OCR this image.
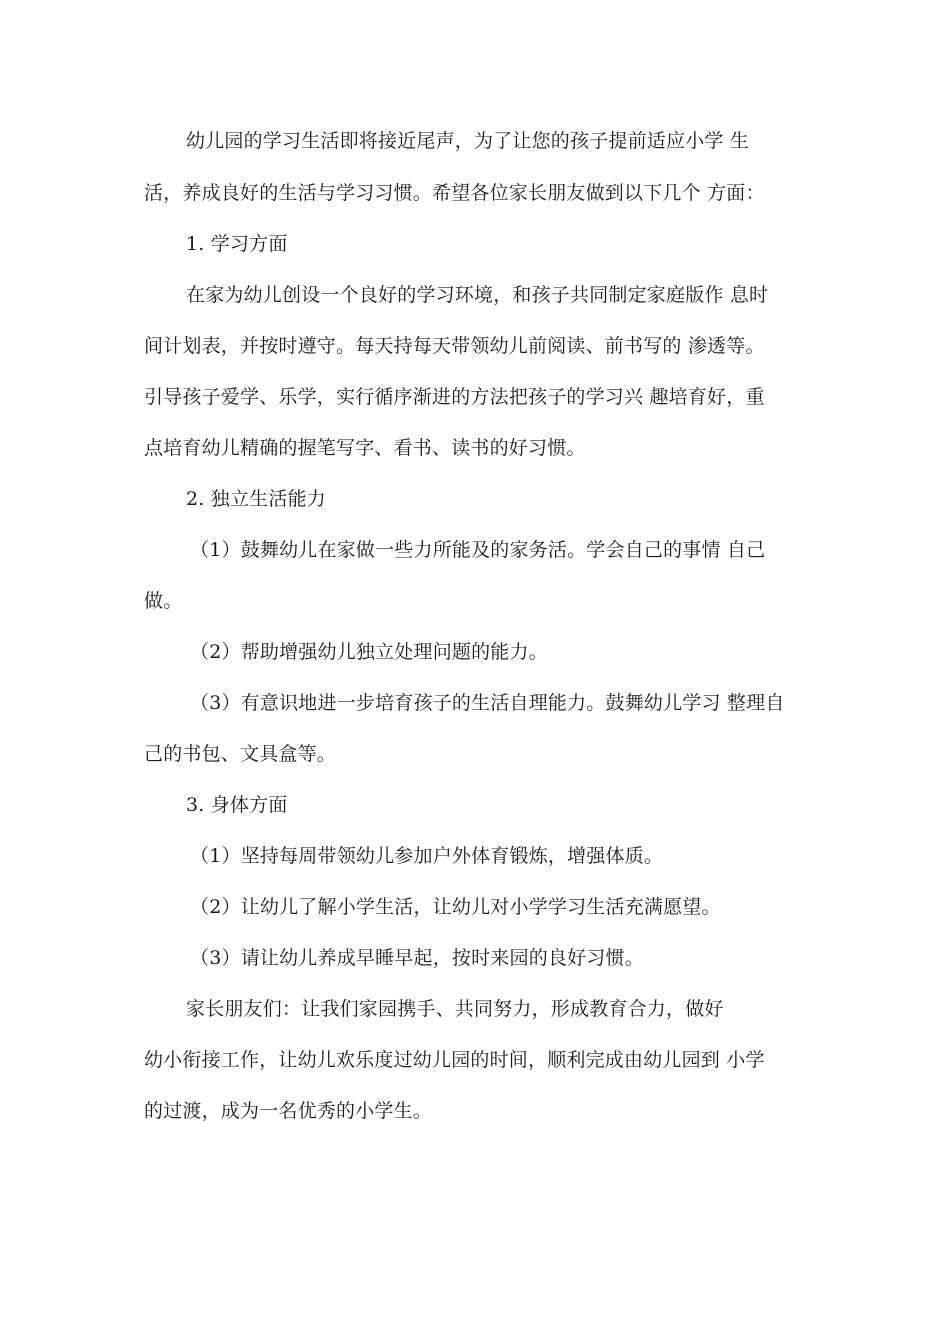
幼儿园的学习生活即将接近尾声，为了让您的孩子提前适应小学 生
活，养成良好的生活与学习习惯。希望各位家长朋友做到以下几个 方面：
1. 学习方面
在家为幼儿创设一个良好的学习环境，和孩子共同制定家庭版作 息时
间计划表，并按时遵守。每天持每天带领幼儿前阅读、前书写的 渗透等。
引导孩子爱学、乐学，实行循序渐进的方法把孩子的学习兴 趣培育好，重
点培育幼儿精确的握笔写字、看书、读书的好习惯。
2. 独立生活能力
（1）鼓舞幼儿在家做一些力所能及的家务活。学会自己的事情 自己
做。
（2）帮助增强幼儿独立处理问题的能力。
（3）有意识地进一步培育孩子的生活自理能力。鼓舞幼儿学习 整理自
己的书包、文具盒等。
3. 身体方面
（1）坚持每周带领幼儿参加户外体育锻炼，增强体质。
（2）让幼儿了解小学生活，让幼儿对小学学习生活充满愿望。
（3）请让幼儿养成早睡早起，按时来园的良好习惯。
家长朋友们：让我们家园携手、共同努力，形成教育合力，做好
幼小衔接工作，让幼儿欢乐度过幼儿园的时间，顺利完成由幼儿园到 小学
的过渡，成为一名优秀的小学生。
